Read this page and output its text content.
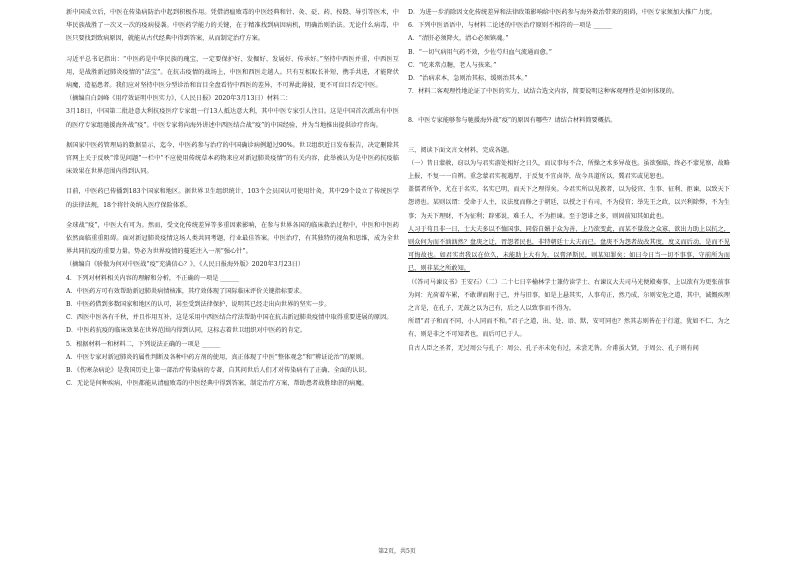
新中国成立后，中医在传染病防治中起到积极作用。凭借清瘟败毒的中医经典和针、灸、砭、药、按跷、导引等医术，中华民族战胜了一次又一次的疫病侵袭。中医药学能力的关键，在于精准找到病因病机，明确治则治法。无论什么病毒，中医只要找到致病原因，就能从古代经典中得到答案，从而制定治疗方案。

习近平总书记指出：“中医药是中华民族的瑰宝，一定要保护好、发掘好、发展好、传承好。”坚持中西医并重，中西医互用，是战胜新冠肺炎疫情的“法宝”。在抗击疫情的战场上，中医和西医走越人。只有互相取长补短，携手共进，才能降伏病魔，造福患者。我们应对坚持中医分型诊治和盲目全盘看待中西医的差异，不可界此薄彼，更不可盲目否定中医。

（摘编自白剑峰《用疗效证明中医实力》，《人民日报》2020年3月13日）材料二：

3月18日，中国第二批赴意大利抗疫医疗专家组一行13人抵达意大利，其中中医专家引人注目。这是中国首次派出有中医的医疗专家组驰援海外战“疫”。中医专家将向海外讲述中西医结合战“疫”的中国经验，并为当地推出提供诊疗咨询。

据国家中医药管理局的数据显示，迄今，中医药参与治疗的中国确诊病例超过90%。世卫组织近日发布报告，决定删除其官网上关于反映“常见问题”一栏中“不应使用传统草本药物来应对新冠肺炎疫情”的有关内容，此举被认为是中医药抗疫临床效果在世界范围内得到认同。

目前，中医药已传播到183个国家和地区。据世界卫生组织统计，103个会员国认可使用针灸，其中29个设立了传统医学的法律法规，18个将针灸纳入医疗保险体系。

全球战“疫”，中医大有可为。然而，受文化传统差异等多重因素影响，在参与世界各国的临床救治过程中，中医和中医药依然面临重重阻碍。面对新冠肺炎疫情这场人类共同考题，行业最佳答案。中医治疗，有其独特的视角和思维，成为全世界共同抗疫的重要力量。势必为世界疫情的蔓延注入一剂“强心针”。

（摘编自《骄傲为何对中医战“疫”充满信心？》，《人民日报海外版》2020年3月23日）

4．下列对材料相关内容的理解和分析，不正确的一项是 ______

A．中医药方可有效帮助新冠肺炎病情核准，其疗效体现了国际临床评价关键指标要求。

B．中医药借到多数国家和地区的认可，甚至受到法律保护，说明其已经走出向世界的坚实一步。

C．西医中医各有千秋，并且作用互补，这是采用中西医结合疗法帮助中国在抗击新冠肺炎疫情中取得重要进展的原因。

D．中医药抗疫的临床效果在世界范围内得到认同，这标志着世卫组织对中医药的肯定。

5．根据材料一和材料二，下列说法正确的一项是 ______

A．中医专家对新冠肺炎的属性判断及各种中药方剂的使用，真正体现了中医“整体观念”和“辨证论治”的原则。

B．《伤寒杂病论》是我国历史上第一部治疗传染病的专著，自其问世后人们才对传染病有了正确、全面的认识。

C．无论是何种疾病，中医都能从清瘟败毒的中医经典中得到答案，制定治疗方案，帮助患者战胜肆虐的病魔。

D．为进一步消除因文化传统差异和法律政策影响给中医药参与海外救治带来的阻碍，中医专家须加大推广力度。

6．下列中医语语中，与材料二论述的中医治疗原则不相符的一项是 ______

A．“清肝必须降火，清心必须镇魂。”

B．“一切气病用气药不效，少佐芍归血气流通而愈。”

C．“吃来常点糖，老人与孩来。”

D．“治病求本，急则治其标，缓则治其本。”

7．材料二客观理性地论证了中医的实力，试结合选文内容，简要说明这种客观理性是如何体现的。

8．中医专家能够参与驰援海外战“疫”的原因有哪些？请结合材料简要概括。

三、阅读下面文言文材料，完成各题。

（一）昔日蒙赦，窃以为与君实游处相好之日久，而议事每不合，所操之术多异故也。虽欲强聒，终必不蒙见察，故略上报，不复一一自辨。重念蒙君实视遇厚，于反复不宜卤莽，故今具道所以，冀君实或见恕也。

盖儒者所争，尤在于名实，名实已明，而天下之理得矣。今君实所以见教者，以为侵官、生事、征利、拒谏，以致天下怨谤也。某则以谓：受命于人主，议法度而修之于朝廷，以授之于有司，不为侵官；举先王之政，以兴利除弊，不为生事；为天下理财，不为征利；辟邪说，难壬人，不为拒谏。至于怨诽之多，则固前知其如此也。

人习于苟且非一日，士大夫多以不恤国事、同俗自媚于众为善，上乃欲变此，而某不量敌之众寡，欲出力助上以抗之，则众何为而不汹汹然？盘庚之迁，胥怨者民也，非特朝廷士大夫而已。盘庚不为怨者故改其度，度义而后动，是而不见可悔故也。如君实责我以在位久，未能助上大有为，以膏泽斯民，则某知罪矣；如曰今日当一切不事事，守前所为而已，则非某之所敢知。

（《答司马谏议书》王安石）（二）二十七日辛榆林学士兼侍读学士、右谏议大夫司马光便殿奏事，上以欲有为更张前事为问：光荷着车累，不敢谬而附于己，并与旧事，如是上悬其实，人事苟正，然乃成，尔则安危之道，其中，诚慨疾理之言是，在孔子，无鼓之以为己有，后之人以致事而不得为。

所谓“君子和而不同，小人同而不和。”君子之道，出、处、语、默，安可同也？然其志则皆在于行道，犹如不仁、为之有，则是非之不可知者也，而后可已于人。

自古人臣之圣者，无过周公与孔子：周公、孔子亦未免有过，未尝无咎。介甫虽大贤，于周公、孔子则有间

第2页，共5页
